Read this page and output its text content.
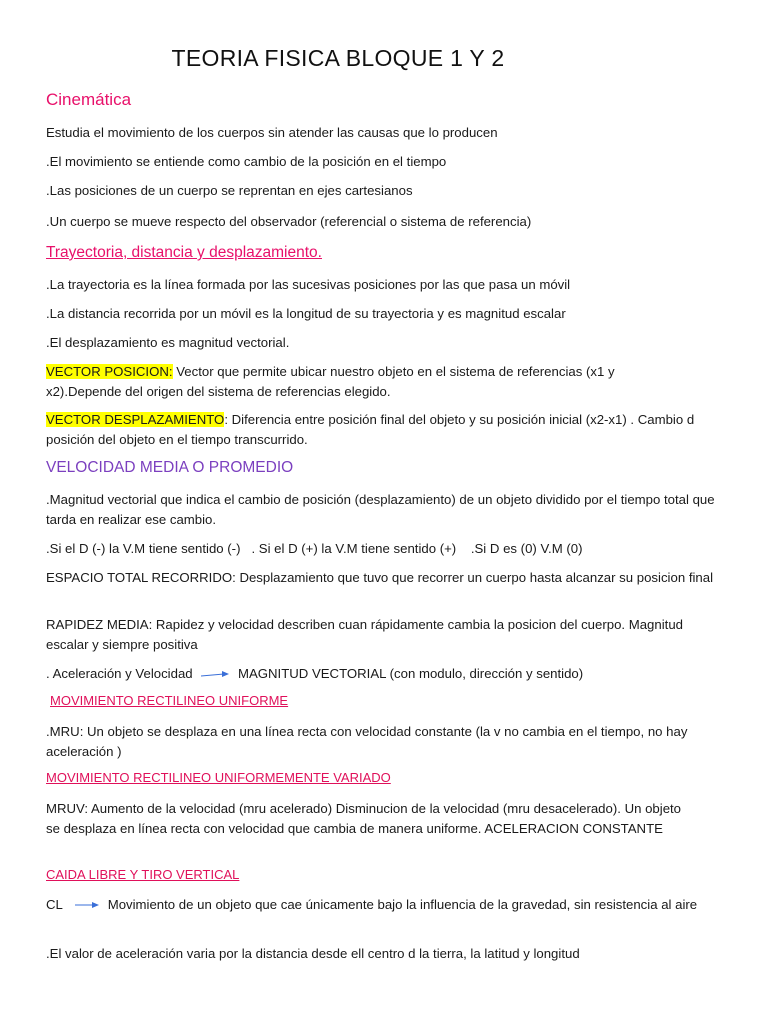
TEORIA FISICA BLOQUE 1 Y 2
Cinemática
Estudia el movimiento de los cuerpos sin atender las causas que lo producen
.El movimiento se entiende como cambio de la posición en el tiempo
.Las posiciones de un cuerpo se reprentan en ejes cartesianos
.Un cuerpo se mueve respecto del observador (referencial o sistema de referencia)
Trayectoria, distancia y desplazamiento.
.La trayectoria es la línea formada por las sucesivas posiciones por las que pasa un móvil
.La distancia recorrida por un móvil es la longitud de su trayectoria y es magnitud escalar
.El desplazamiento es magnitud vectorial.
VECTOR POSICION: Vector que permite ubicar nuestro objeto en el sistema de referencias (x1 y x2).Depende del origen del sistema de referencias elegido.
VECTOR DESPLAZAMIENTO: Diferencia entre posición final del objeto y su posición inicial (x2-x1) . Cambio d posición del objeto en el tiempo transcurrido.
VELOCIDAD MEDIA O PROMEDIO
.Magnitud vectorial que indica el cambio de posición (desplazamiento) de un objeto dividido por el tiempo total que tarda en realizar ese cambio.
.Si el D (-) la V.M tiene sentido (-)   . Si el D (+) la V.M tiene sentido (+)    .Si D es (0) V.M (0)
ESPACIO TOTAL RECORRIDO: Desplazamiento que tuvo que recorrer un cuerpo hasta alcanzar su posicion final
RAPIDEZ MEDIA: Rapidez y velocidad describen cuan rápidamente cambia la posicion del cuerpo. Magnitud escalar y siempre positiva
. Aceleración y Velocidad	MAGNITUD VECTORIAL (con modulo, dirección y sentido)
MOVIMIENTO RECTILINEO UNIFORME
.MRU: Un objeto se desplaza en una línea recta con velocidad constante (la v no cambia en el tiempo, no hay aceleración )
MOVIMIENTO RECTILINEO UNIFORMEMENTE VARIADO
MRUV: Aumento de la velocidad (mru acelerado) Disminucion de la velocidad (mru desacelerado). Un objeto se desplaza en línea recta con velocidad que cambia de manera uniforme. ACELERACION CONSTANTE
CAIDA LIBRE Y TIRO VERTICAL
CL	Movimiento de un objeto que cae únicamente bajo la influencia de la gravedad, sin resistencia al aire
.El valor de aceleración varia por la distancia desde ell centro d la tierra, la latitud y longitud
